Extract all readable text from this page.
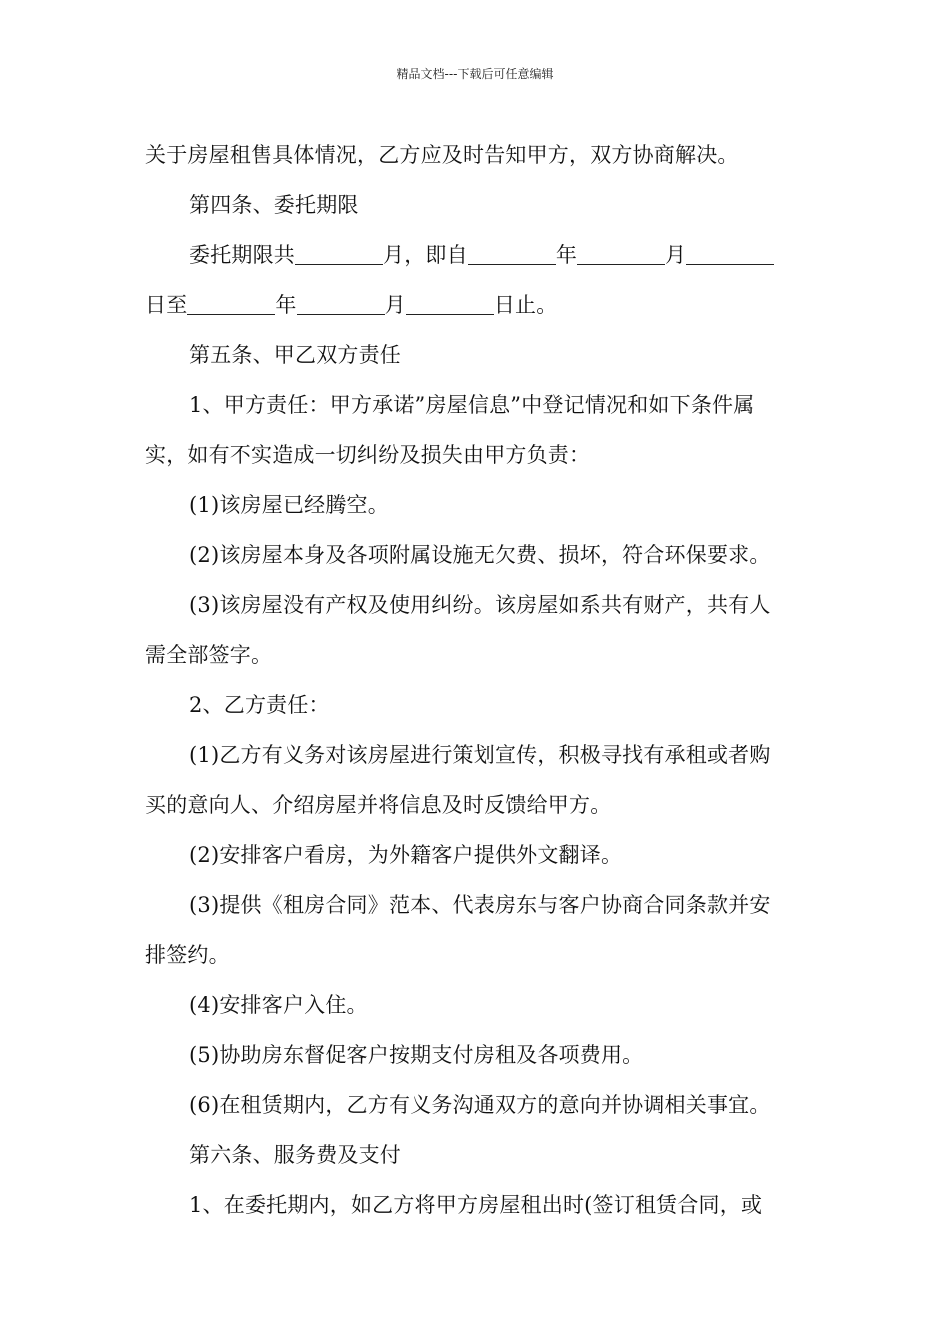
精品文档---下载后可任意编辑
关于房屋租售具体情况，乙方应及时告知甲方，双方协商解决。
第四条、委托期限
委托期限共	月，即自	年	月
日至	年	月	日止。
第五条、甲乙双方责任
1、甲方责任：甲方承诺”房屋信息”中登记情况和如下条件属
实，如有不实造成一切纠纷及损失由甲方负责：
(1)该房屋已经腾空。
(2)该房屋本身及各项附属设施无欠费、损坏，符合环保要求。
(3)该房屋没有产权及使用纠纷。该房屋如系共有财产，共有人
需全部签字。
2、乙方责任：
(1)乙方有义务对该房屋进行策划宣传，积极寻找有承租或者购
买的意向人、介绍房屋并将信息及时反馈给甲方。
(2)安排客户看房，为外籍客户提供外文翻译。
(3)提供《租房合同》范本、代表房东与客户协商合同条款并安
排签约。
(4)安排客户入住。
(5)协助房东督促客户按期支付房租及各项费用。
(6)在租赁期内，乙方有义务沟通双方的意向并协调相关事宜。
第六条、服务费及支付
1、在委托期内，如乙方将甲方房屋租出时(签订租赁合同，或
